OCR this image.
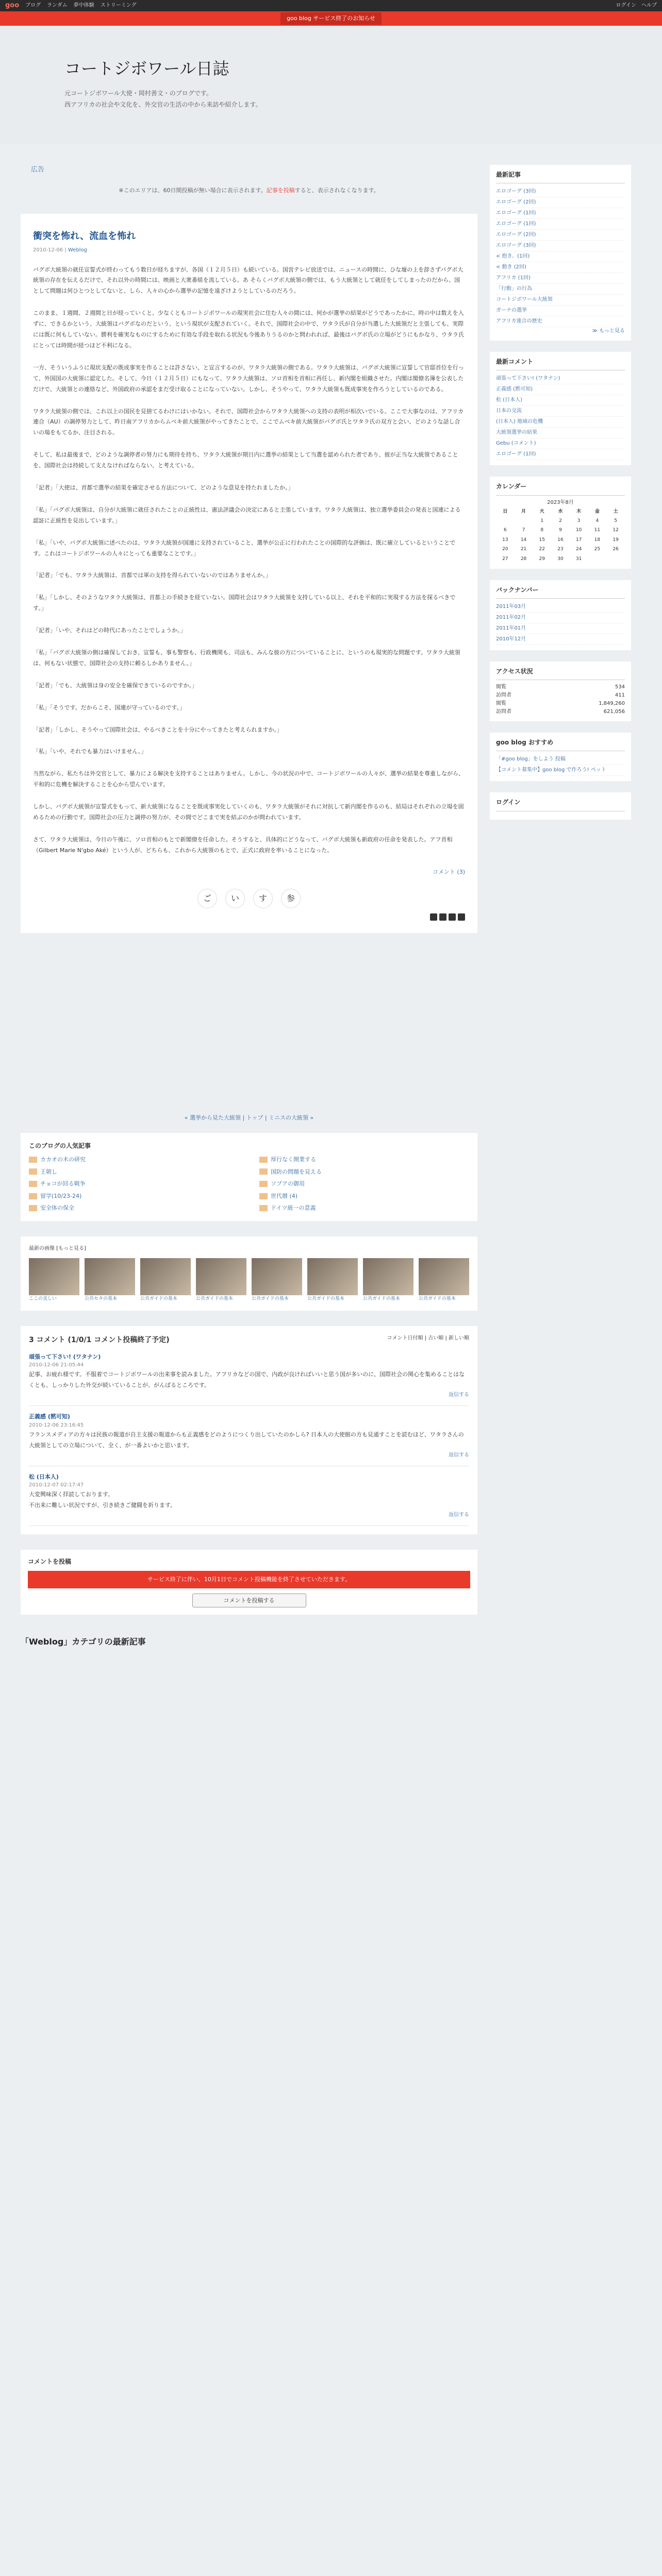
goo ブログ ランダム 夢中体験 ストリーミング	ログイン ヘルプ
goo blog サービス終了のお知らせ
コートジボワール日誌

元コートジボワール大使・岡村善文・のブログです。
西アフリカの社会や文化を、外交官の生活の中から来訪や紹介します。

広告
※このエリアは、60日間投稿が無い場合に表示されます。記事を投稿すると、表示されなくなります。
衝突を怖れ、流血を怖れ
2010-12-06 | Weblog

バグボ大統領の就任宣誓式が終わってもう数日が経ちますが、各国（１２月５日）も続いている。国営テレビ放送では、ニュースの時間に、ひな壇の上を辞さずパグボ大統領の存在を伝えるだけで、それ以外の時間には、映画と大衆番組を流している。あ そらくバグボ大統領の側では、もう大統領として就任をしてしまったのだから、国として問題は何ひとつとしてないと、しら、人々の心から選挙の記憶を遠ざけようとしているのだろう。

このまま、１週間、２週間と日が経っていくと、少なくともコートジボワールの現実社会に住む人々の間には、何かが選挙の結果がどうであったかに、時の中は数えを入ずに、できるかという、大統領はバグボなのだという、という現状が支配されていく。それで、国際社会の中で、ワタラ氏が自分が当選した大統領だと主張しても、実際には既に何もしていない。勝利を確実なものにするために有効な手段を取れる状況も今後ありうるのかと問われれば、最後はバグボ氏の立場がどうにもかなり、ウタラ氏にとっては時間が経つほど不利になる。

一方、そういうふうに現状支配の既成事実を作ることは許さない、と宣言するのが、ワタラ大統領の側である。ワタラ大統領は、バグボ大統領に宣誓して官邸首位を行って、外国国の大統領に認定した。そして、今日（１２月５日）にもなって、ワタラ大統領は、ソロ首相を首相に再任し、新内閣を組織させた。内閣は閣僚名簿を公表しただけで、大統領との連絡など、外国政府の承認をまだ受け取ることになっていない。しかし、そうやって、ワタラ大統領も既成事実を作ろうとしているのである。

ワタラ大統領の側では、これ以上の国民を見捨てるわけにはいかない。それで、国際社会からワタラ大統領への支持の表明が相次いでいる。ここで大事なのは、アフリカ連合（AU）の調停努力として、昨日南アフリカからムベキ前大統領がやってきたことで、ここでムベキ前大統領がバグボ氏とワタラ氏の双方と会い、どのような話し合いの場をもてるか、注目される。

そして、私は最後まで、どのような調停者の努力にも期待を持ち、ワタラ大統領が期日内に選挙の結果として当選を認められた者であり、彼が正当な大統領であることを、国際社会は持続して支えなければならない、と考えている。

「記者」「大使は、首都で選挙の結果を確定させる方法について、どのような意見を持たれましたか。」

「私」「パグボ大統領は、自分が大統領に就任されたことの正統性は、憲法評議会の決定にあると主張しています。ワタラ大統領は、独立選挙委員会の発表と国連による認証に正統性を見出しています。」

「私」「いや、バグボ大統領に述べたのは、ワタラ大統領が国連に支持されていること、選挙が公正に行われたことの国際的な評価は、既に確立しているということです。これはコートジボワールの人々にとっても重要なことです。」

「記者」「でも、ワタラ大統領は、首都では軍の支持を得られていないのではありませんか。」

「私」「しかし、そのようなワタラ大統領は、首都上の手続きを経ていない。国際社会はワタラ大統領を支持している以上、それを平和的に実現する方法を探るべきです。」

「記者」「いや、それはどの時代にあったことでしょうか。」

「私」「バグボ大統領の側は確保しておき、宣誓も、事も警察も、行政機関も、司法も、みんな彼の方についていることに、というのも現実的な問題です。ワタラ大統領は、何もない状態で、国際社会の支持に頼るしかありません。」

「記者」「でも、大統領は身の安全を確保できているのですか。」

「私」「そうです。だからこそ、国連が守っているのです。」

「記者」「しかし、そうやって国際社会は、やるべきことを十分にやってきたと考えられますか。」

「私」「いや、それでも暴力はいけません。」

当然ながら、私たちは外交官として、暴力による解決を支持することはありません。しかし、今の状況の中で、コートジボワールの人々が、選挙の結果を尊重しながら、平和的に危機を解決することを心から望んでいます。

しかし、バグボ大統領が宣誓式をもって、新大統領になることを既成事実化していくのも、ワタラ大統領がそれに対抗して新内閣を作るのも、結局はそれぞれの立場を固めるための行動です。国際社会の圧力と調停の努力が、その間でどこまで実を結ぶのかが問われています。

さて、ワタラ大統領は、今日の午後に、ソロ首相のもとで新閣僚を任命した。そうすると、具体的にどうなって、バグボ大統領も新政府の任命を発表した。アフ首相（Gilbert Marie N'gbo Aké）という人が、どちらも、これから大統領のもとで、正式に政府を率いることになった。

コメント (3)
ご	い	す	参
« 選挙から見た大統領 | トップ | ミニスの大統領 »
このブログの人気記事
カカオの木の研究	厚行なく開業する
王朝し	国防の問題を見える
チョコが回る戦争	ソブアの御用
留学(10/23-24)	世代暦 (4)
安全体の保全	ドイツ統一の意義
最新の画像 [もっと見る]
ここの美しい	公共セタの基本	公共ガイドの基本	公共ガイドの基本	公共ガイドの基本	公共ガイドの基本	公共ガイドの基本	公共ガイドの基本
3 コメント (1/0/1 コメント投稿終了予定)	コメント日付順 | 古い順 | 新しい順
頑張って下さい! (ワタナン)
2010-12-06 21:05:44

記事、お疲れ様です。不服着でコートジボワールの出来事を読みました。アフリカなどの国で、内政が良ければいいと思う国が多いのに、国際社会の関心を集めることはなくとも、しっかりした外交が続いていることが、がんばるところです。

返信する
正義感 (黙可知)
2010-12-06 23:16:45

フランスメディアの方々は民族の報道が自主支援の報道からも正義感をどのようにつくり出していたのかしら? 日本人の大使館の方も見通すことを読むほど、ワタラさんの大統領としての立場について、全く、が一番よいかと思います。

返信する
松 (日本人)
2010-12-07 02:17:47

大変興味深く拝読しております。
不出来に難しい状況ですが、引き続きご健闘を祈ります。

返信する
コメントを投稿
サービス終了に伴い、10月1日でコメント投稿機能を終了させていただきます。
コメントを投稿する
「Weblog」カテゴリの最新記事
最新記事
エロゴーグ (3回)
エロゴーグ (2回)
エロゴーグ (1回)
エロゴーグ (1回)
エロゴーグ (2回)
エロゴーグ (3回)
< 抱き、(1回)
< 動き (2回)
アフリカ (1回)
「行動」の行為
コートジボワール大統領
ガーナの選挙
アフリカ連合の歴史
≫ もっと見る
最新コメント
頑張って下さい! (ワタナン)
正義感 (黙可知)
松 (日本人)
日本の交流
(日本人) 地域の危機
大統領選挙の結果
Gebu (コメント)
エロゴーグ (1回)
カレンダー
2023年8月
日	月	火	水	木	金	土
		1	2	3	4	5
6	7	8	9	10	11	12
13	14	15	16	17	18	19
20	21	22	23	24	25	26
27	28	29	30	31		
バックナンバー
2011年03月
2011年02月
2011年01月
2010年12月
アクセス状況
閲覧	534
訪問者	411
閲覧	1,849,260
訪問者	621,056
goo blog おすすめ
「#goo blog」をしよう 投稿
【コメント募集中】goo blog で作ろう! ペット
ログイン
